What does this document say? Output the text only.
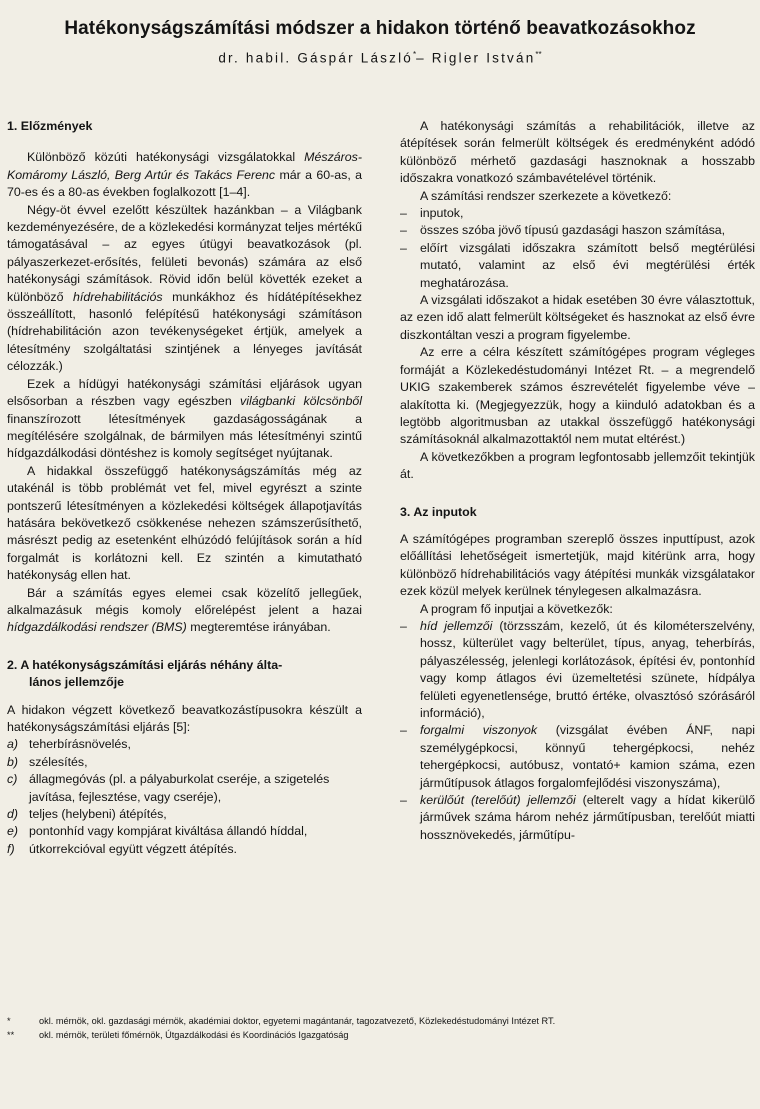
Hatékonyságszámítási módszer a hidakon történő beavatkozásokhoz
dr. habil. Gáspár László*– Rigler István**
1. Előzmények

Különböző közúti hatékonysági vizsgálatokkal Mészáros-Komáromy László, Berg Artúr és Takács Ferenc már a 60-as, a 70-es és a 80-as években foglalkozott [1–4].

Négy-öt évvel ezelőtt készültek hazánkban – a Világbank kezdeményezésére, de a közlekedési kormányzat teljes mértékű támogatásával – az egyes útügyi beavatkozások (pl. pályaszerkezet-erősítés, felületi bevonás) számára az első hatékonysági számítások. Rövid időn belül követték ezeket a különböző hídrehabilitációs munkákhoz és hídátépítésekhez összeállított, hasonló felépítésű hatékonysági számításon (hídrehabilitáción azon tevékenységeket értjük, amelyek a létesítmény szolgáltatási szintjének a lényeges javítását célozzák.)

Ezek a hídügyi hatékonysági számítási eljárások ugyan elsősorban a részben vagy egészben világbanki kölcsönből finanszírozott létesítmények gazdaságosságának a megítélésére szolgálnak, de bármilyen más létesítményi szintű hídgazdálkodási döntéshez is komoly segítséget nyújtanak.

A hidakkal összefüggő hatékonyságszámítás még az utakénál is több problémát vet fel, mivel egyrészt a szinte pontszerű létesítményen a közlekedési költségek állapotjavítás hatására bekövetkező csökkenése nehezen számszerűsíthető, másrészt pedig az esetenként elhúzódó felújítások során a híd forgalmát is korlátozni kell. Ez szintén a kimutatható hatékonyság ellen hat.

Bár a számítás egyes elemei csak közelítő jellegűek, alkalmazásuk mégis komoly előrelépést jelent a hazai hídgazdálkodási rendszer (BMS) megteremtése irányában.

2. A hatékonyságszámítási eljárás néhány álta-
lános jellemzője

A hidakon végzett következő beavatkozástípusokra készült a hatékonyságszámítási eljárás [5]:

a) teherbírásnövelés,
b) szélesítés,
c) állagmegóvás (pl. a pályaburkolat cseréje, a szigetelés javítása, fejlesztése, vagy cseréje),
d) teljes (helybeni) átépítés,
e) pontonhíd vagy kompjárat kiváltása állandó híddal,
f)	útkorrekcióval együtt végzett átépítés.

A hatékonysági számítás a rehabilitációk, illetve az átépítések során felmerült költségek és eredményként adódó különböző mérhető gazdasági hasznoknak a hosszabb időszakra vonatkozó számbavételével történik.

A számítási rendszer szerkezete a következő:

–	inputok,
–	összes szóba jövő típusú gazdasági haszon számítása,
–	előírt vizsgálati időszakra számított belső megtérülési mutató, valamint az első évi megtérülési érték meghatározása.

A vizsgálati időszakot a hidak esetében 30 évre választottuk, az ezen idő alatt felmerült költségeket és hasznokat az első évre diszkontáltan veszi a program figyelembe.

Az erre a célra készített számítógépes program végleges formáját a Közlekedéstudományi Intézet Rt. – a megrendelő UKIG szakemberek számos észrevételét figyelembe véve – alakította ki. (Megjegyezzük, hogy a kiinduló adatokban és a legtöbb algoritmusban az utakkal összefüggő hatékonysági számításoknál alkalmazottaktól nem mutat eltérést.)

A következőkben a program legfontosabb jellemzőit tekintjük át.

3. Az inputok

A számítógépes programban szereplő összes inputtípust, azok előállítási lehetőségeit ismertetjük, majd kitérünk arra, hogy különböző hídrehabilitációs vagy átépítési munkák vizsgálatakor ezek közül melyek kerülnek ténylegesen alkalmazásra.

A program fő inputjai a következők:

–	híd jellemzői (törzsszám, kezelő, út és kilométerszelvény, hossz, külterület vagy belterület, típus, anyag, teherbírás, pályaszélesség, jelenlegi korlátozások, építési év, pontonhíd vagy komp átlagos évi üzemeltetési szünete, hídpálya felületi egyenetlensége, bruttó értéke, olvasztósó szórásáról információ),
–	forgalmi viszonyok (vizsgálat évében ÁNF, napi személygépkocsi, könnyű tehergépkocsi, nehéz tehergépkocsi, autóbusz, vontató+ kamion száma, ezen járműtípusok átlagos forgalomfejlődési viszonyszáma),
–	kerülőút (terelőút) jellemzői (elterelt vagy a hídat kikerülő járművek száma három nehéz járműtípusban, terelőút miatti hossznövekedés, járműtípu-
*	okl. mérnök, okl. gazdasági mérnök, akadémiai doktor, egyetemi magántanár, tagozatvezető, Közlekedéstudományi Intézet RT.
**	okl. mérnök, területi főmérnök, Útgazdálkodási és Koordinációs Igazgatóság
